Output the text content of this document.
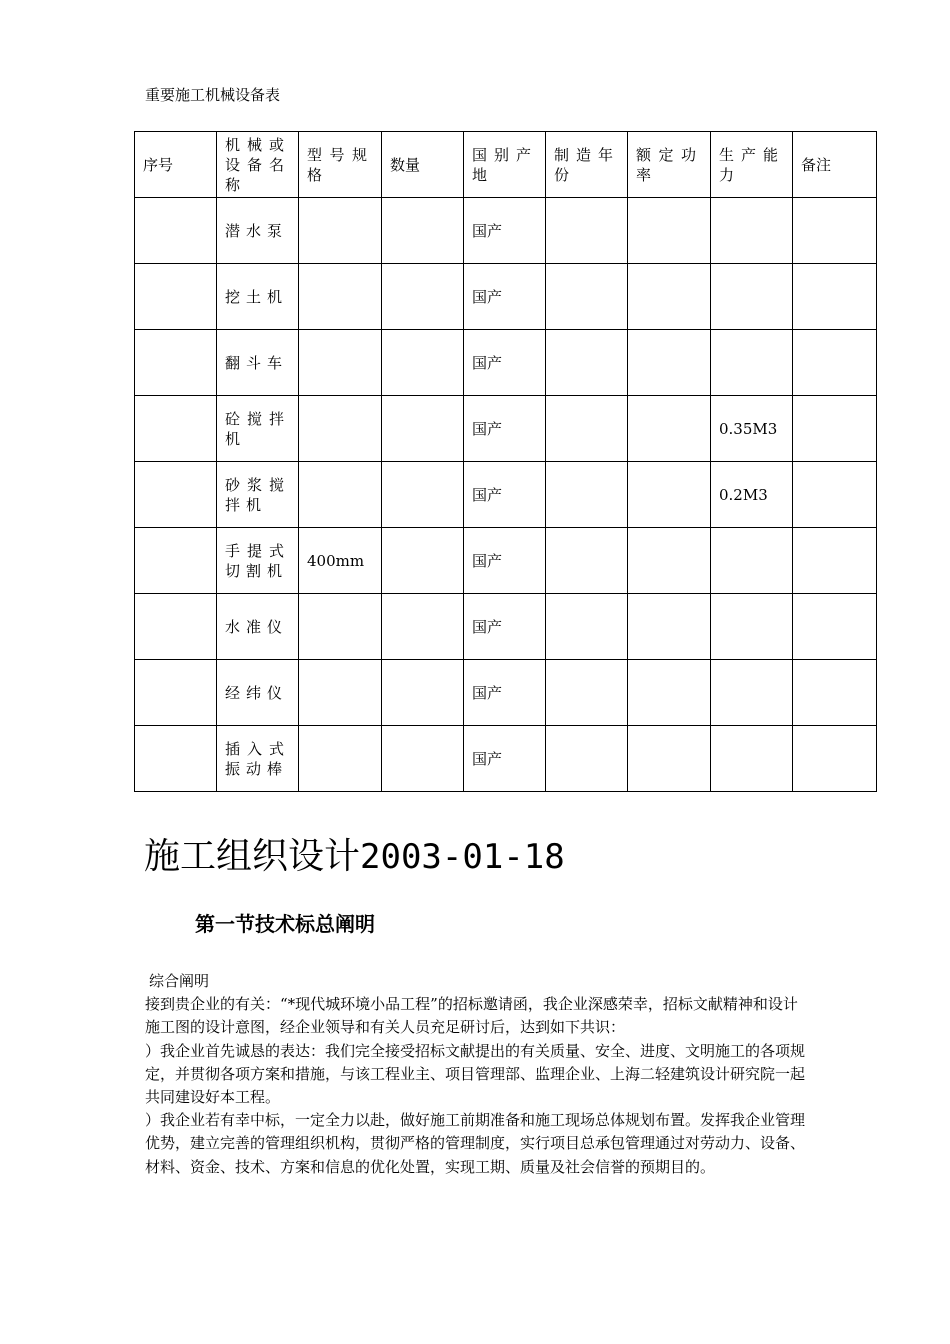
重要施工机械设备表
序号	机械或设备名称	型号规格	数量	国别产地	制造年份	额定功率	生产能力	备注
	潜水泵			国产				
	挖土机			国产				
	翻斗车			国产				
	砼搅拌机			国产			0.35M3	
	砂浆搅拌机			国产			0.2M3	
	手提式切割机	400mm		国产				
	水准仪			国产				
	经纬仪			国产				
	插入式振动棒			国产				
施工组织设计2003-01-18
第一节技术标总阐明

综合阐明

接到贵企业的有关：“*现代城环境小品工程”的招标邀请函，我企业深感荣幸，招标文献精神和设计施工图的设计意图，经企业领导和有关人员充足研讨后，达到如下共识：

）我企业首先诚恳的表达：我们完全接受招标文献提出的有关质量、安全、进度、文明施工的各项规定，并贯彻各项方案和措施，与该工程业主、项目管理部、监理企业、上海二轻建筑设计研究院一起共同建设好本工程。

）我企业若有幸中标，一定全力以赴，做好施工前期准备和施工现场总体规划布置。发挥我企业管理优势，建立完善的管理组织机构，贯彻严格的管理制度，实行项目总承包管理通过对劳动力、设备、材料、资金、技术、方案和信息的优化处置，实现工期、质量及社会信誉的预期目的。
